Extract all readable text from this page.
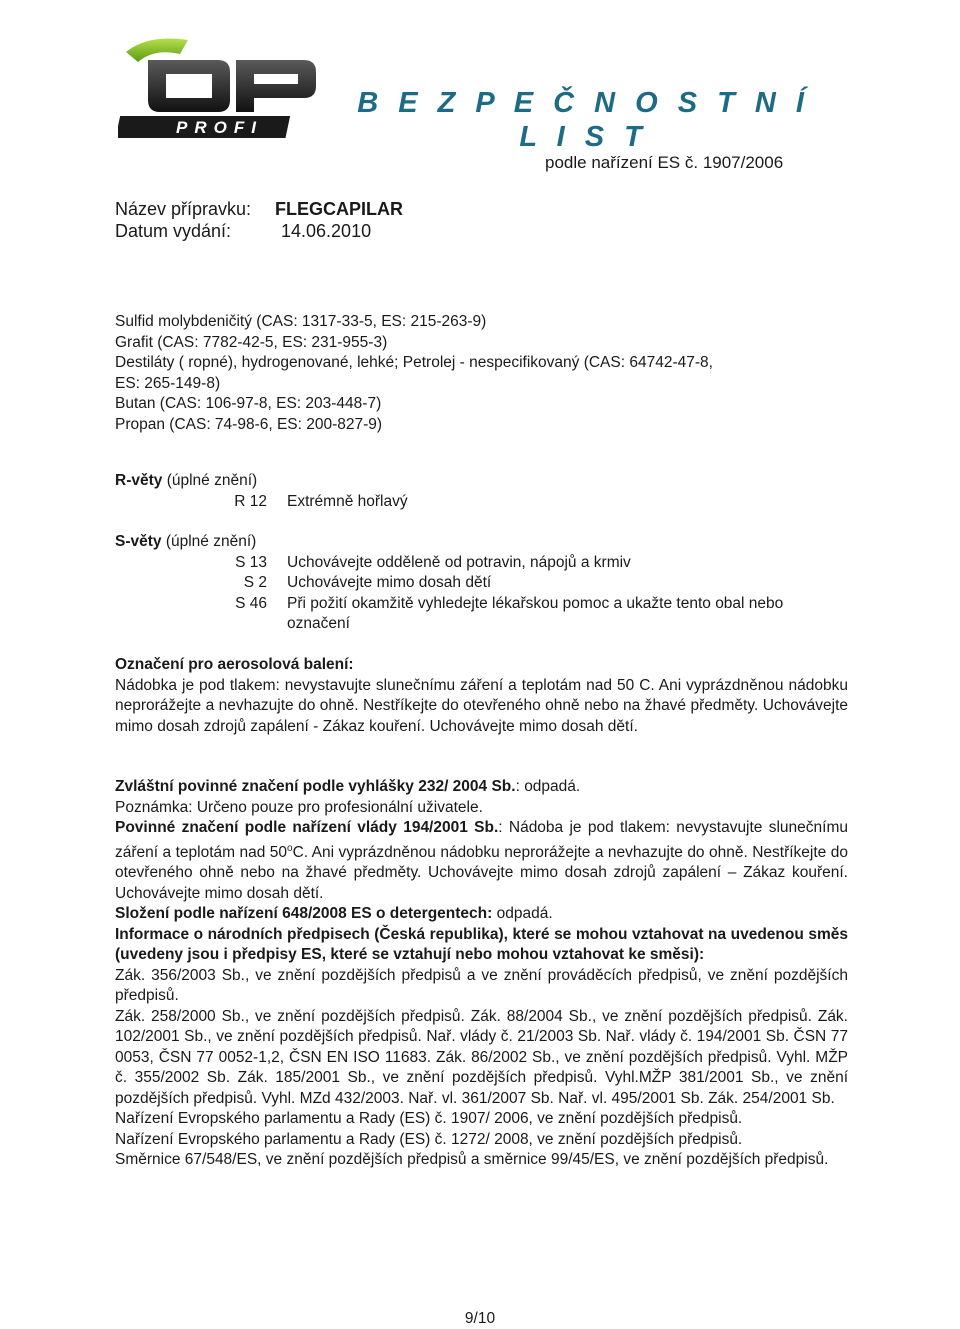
PROFI
B E Z P E Č N O S T N Í
L I S T
podle nařízení ES č. 1907/2006
Název přípravku: FLEGCAPILAR
Datum vydání:	14.06.2010
Sulfid molybdeničitý (CAS: 1317-33-5, ES: 215-263-9)
Grafit (CAS: 7782-42-5, ES: 231-955-3)
Destiláty ( ropné), hydrogenované, lehké; Petrolej - nespecifikovaný (CAS: 64742-47-8,
ES: 265-149-8)
Butan (CAS: 106-97-8, ES: 203-448-7)
Propan (CAS: 74-98-6, ES: 200-827-9)
R-věty (úplné znění)
R 12	Extrémně hořlavý
S-věty (úplné znění)
S 13	Uchovávejte odděleně od potravin, nápojů a krmiv
S 2	Uchovávejte mimo dosah dětí
S 46	Při požití okamžitě vyhledejte lékařskou pomoc a ukažte tento obal nebo označení
Označení pro aerosolová balení:
Nádobka je pod tlakem: nevystavujte slunečnímu záření a teplotám nad 50 C. Ani vyprázdněnou nádobku neprorážejte a nevhazujte do ohně. Nestříkejte do otevřeného ohně nebo na žhavé předměty. Uchovávejte mimo dosah zdrojů zapálení - Zákaz kouření. Uchovávejte mimo dosah dětí.
Zvláštní povinné značení podle vyhlášky 232/ 2004 Sb.: odpadá.
Poznámka: Určeno pouze pro profesionální uživatele.
Povinné značení podle nařízení vlády 194/2001 Sb.: Nádoba je pod tlakem: nevystavujte slunečnímu záření a teplotám nad 50$^o$C. Ani vyprázdněnou nádobku neprorážejte a nevhazujte do ohně. Nestříkejte do otevřeného ohně nebo na žhavé předměty. Uchovávejte mimo dosah zdrojů zapálení – Zákaz kouření. Uchovávejte mimo dosah dětí.
Složení podle nařízení 648/2008 ES o detergentech: odpadá.
Informace o národních předpisech (Česká republika), které se mohou vztahovat na uvedenou směs (uvedeny jsou i předpisy ES, které se vztahují nebo mohou vztahovat ke směsi):
Zák. 356/2003 Sb., ve znění pozdějších předpisů a ve znění prováděcích předpisů, ve znění pozdějších předpisů.
Zák. 258/2000 Sb., ve znění pozdějších předpisů. Zák. 88/2004 Sb., ve znění pozdějších předpisů. Zák. 102/2001 Sb., ve znění pozdějších předpisů. Nař. vlády č. 21/2003 Sb. Nař. vlády č. 194/2001 Sb. ČSN 77 0053, ČSN 77 0052-1,2, ČSN EN ISO 11683. Zák. 86/2002 Sb., ve znění pozdějších předpisů. Vyhl. MŽP č. 355/2002 Sb. Zák. 185/2001 Sb., ve znění pozdějších předpisů. Vyhl.MŽP 381/2001 Sb., ve znění pozdějších předpisů. Vyhl. MZd 432/2003. Nař. vl. 361/2007 Sb. Nař. vl. 495/2001 Sb. Zák. 254/2001 Sb.
Nařízení Evropského parlamentu a Rady (ES) č. 1907/ 2006, ve znění pozdějších předpisů.
Nařízení Evropského parlamentu a Rady (ES) č. 1272/ 2008, ve znění pozdějších předpisů.
Směrnice 67/548/ES, ve znění pozdějších předpisů a směrnice 99/45/ES, ve znění pozdějších předpisů.
9/10
